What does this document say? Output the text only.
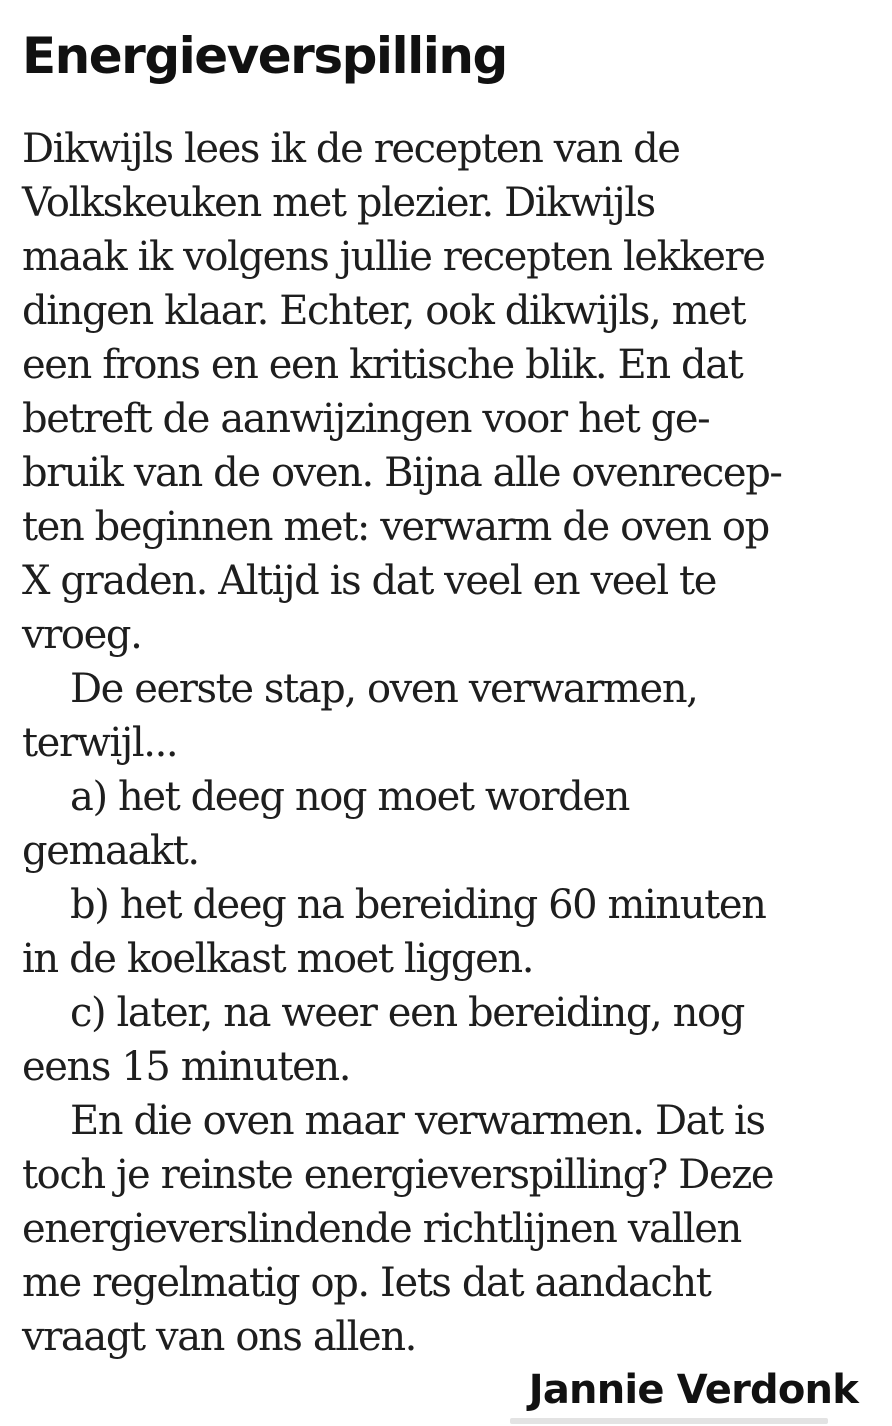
Energieverspilling
Dikwijls lees ik de recepten van de
Volkskeuken met plezier. Dikwijls
maak ik volgens jullie recepten lekkere
dingen klaar. Echter, ook dikwijls, met
een frons en een kritische blik. En dat
betreft de aanwijzingen voor het ge-
bruik van de oven. Bijna alle ovenrecep-
ten beginnen met: verwarm de oven op
X graden. Altijd is dat veel en veel te
vroeg.
De eerste stap, oven verwarmen,
terwijl...
a) het deeg nog moet worden
gemaakt.
b) het deeg na bereiding 60 minuten
in de koelkast moet liggen.
c) later, na weer een bereiding, nog
eens 15 minuten.
En die oven maar verwarmen. Dat is
toch je reinste energieverspilling? Deze
energieverslindende richtlijnen vallen
me regelmatig op. Iets dat aandacht
vraagt van ons allen.

Jannie Verdonk
